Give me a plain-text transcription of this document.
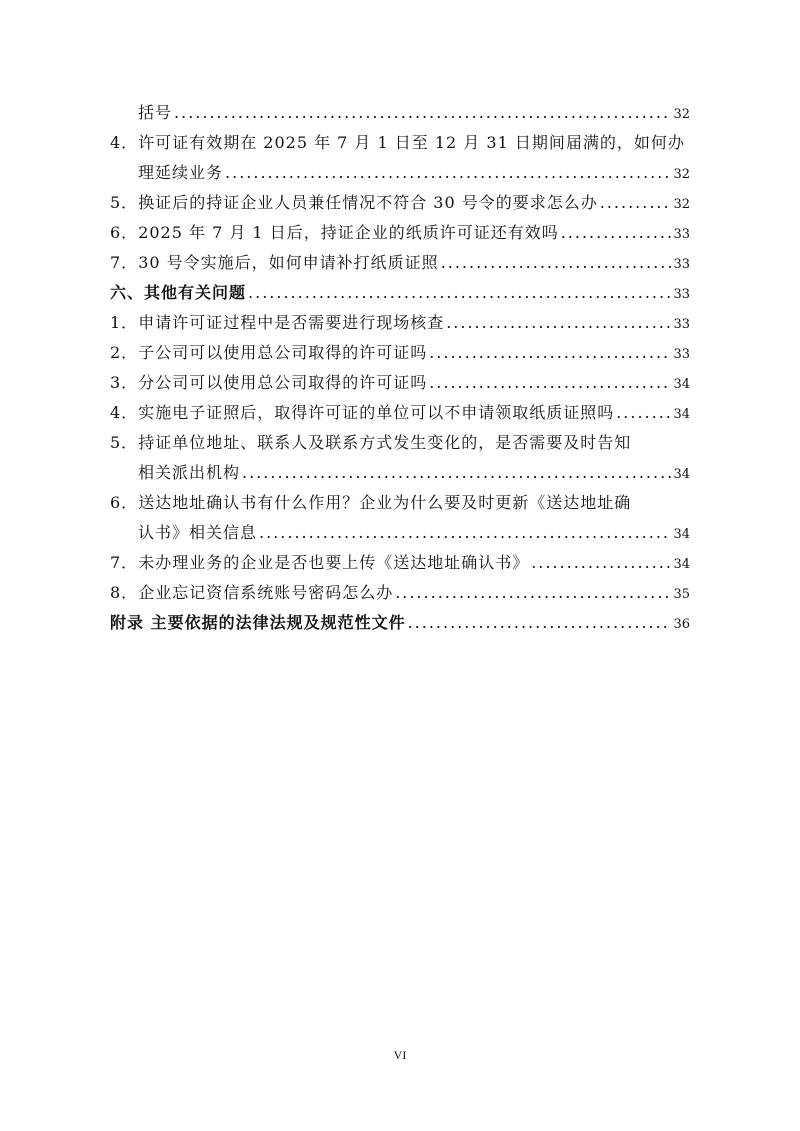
括号 .....	32
4．许可证有效期在 2025 年 7 月 1 日至 12 月 31 日期间届满的，如何办
理延续业务 .....	32
5． 换证后的持证企业人员兼任情况不符合 30 号令的要求怎么办 .....	32
6． 2025 年 7 月 1 日后，持证企业的纸质许可证还有效吗 .....	33
7． 30 号令实施后，如何申请补打纸质证照 .....	33
六、其他有关问题 .....	33
1． 申请许可证过程中是否需要进行现场核查 .....	33
2． 子公司可以使用总公司取得的许可证吗 .....	33
3． 分公司可以使用总公司取得的许可证吗 .....	34
4． 实施电子证照后，取得许可证的单位可以不申请领取纸质证照吗 .....	34
5．持证单位地址、联系人及联系方式发生变化的，是否需要及时告知
相关派出机构 .....	34
6．送达地址确认书有什么作用？企业为什么要及时更新《送达地址确
认书》相关信息 .....	34
7． 未办理业务的企业是否也要上传《送达地址确认书》 .....	34
8． 企业忘记资信系统账号密码怎么办 .....	35
附录 主要依据的法律法规及规范性文件 .....	36
VI
